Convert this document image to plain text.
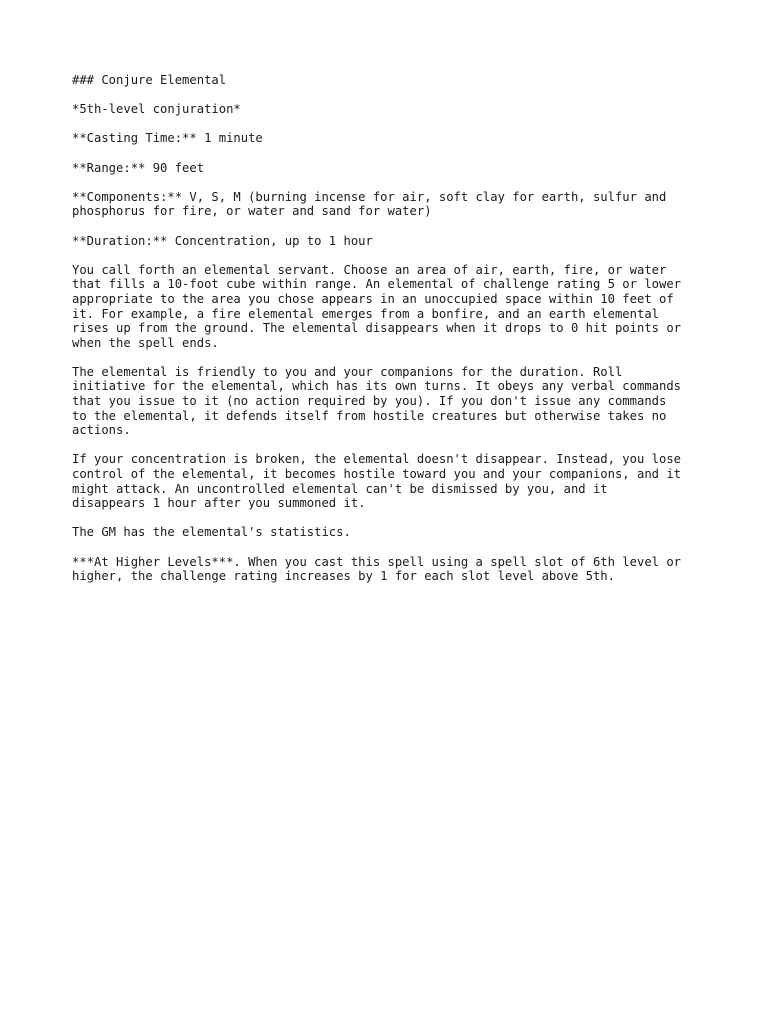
### Conjure Elemental

*5th-level conjuration*

**Casting Time:** 1 minute

**Range:** 90 feet

**Components:** V, S, M (burning incense for air, soft clay for earth, sulfur and
phosphorus for fire, or water and sand for water)

**Duration:** Concentration, up to 1 hour

You call forth an elemental servant. Choose an area of air, earth, fire, or water
that fills a 10-foot cube within range. An elemental of challenge rating 5 or lower
appropriate to the area you chose appears in an unoccupied space within 10 feet of
it. For example, a fire elemental emerges from a bonfire, and an earth elemental
rises up from the ground. The elemental disappears when it drops to 0 hit points or
when the spell ends.

The elemental is friendly to you and your companions for the duration. Roll
initiative for the elemental, which has its own turns. It obeys any verbal commands
that you issue to it (no action required by you). If you don't issue any commands
to the elemental, it defends itself from hostile creatures but otherwise takes no
actions.

If your concentration is broken, the elemental doesn't disappear. Instead, you lose
control of the elemental, it becomes hostile toward you and your companions, and it
might attack. An uncontrolled elemental can't be dismissed by you, and it
disappears 1 hour after you summoned it.

The GM has the elemental's statistics.

***At Higher Levels***. When you cast this spell using a spell slot of 6th level or
higher, the challenge rating increases by 1 for each slot level above 5th.
